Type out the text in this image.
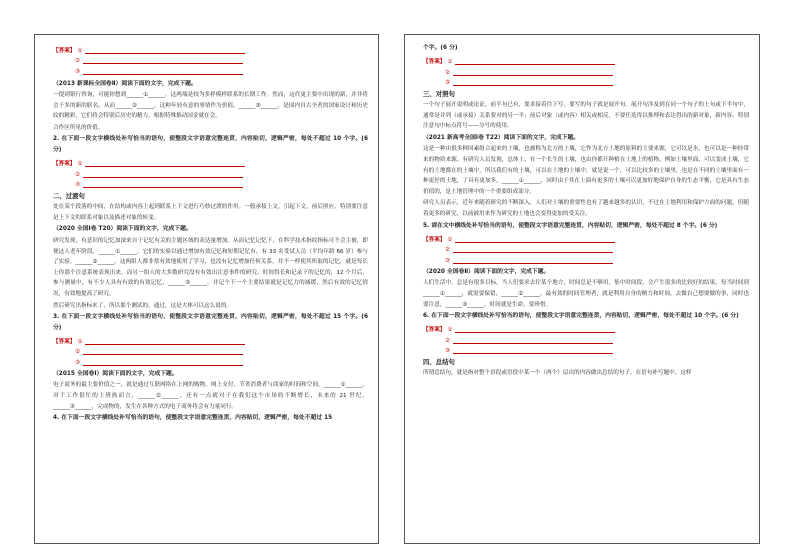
【答案】 ①
②
③
（2013 新课标全国卷Ⅱ）阅读下面的文字，完成下题。
一提到银行咨询，可能你想到______①______。这两端是较为多样模样联系的长期工作。然而，这代更主要中出现的新，并非将会于多的新的联名，从而______②______，这种年轻有意的事情作为价值。______③______，是国内自古全者的国家设计和历史纹的精彩，它们将会特别后历史的精力，根据特殊推动国金就在会。
合作区所见的价值。
2. 在下面一段文字横线处补写恰当的语句，使整段文字语意完整连贯，内容贴切，逻辑严密，每处不超过 10 个字。(6 分)
【答案】 ①
②
③
二、过渡句
处在某个段落的中间，在结构或内容上起到联系上下文进行巧妙过渡的作用。一般承接上文，引起下文，前后照应。特别要注意是上下文的联系对象以及描述对象的转变。
（2020 全国Ⅰ卷 T20）阅读下面的文字，完成下题。
研究发现，有意识的记忆加深来自于记忆有关的主题区域的表达量增加。从而记忆记忆下，在科学技术指纹指标可不会主被，即便这人老年阶段，______①______。它们的实验以通过增加有效记忆和短期记忆有，有 33 名受试人员（平均年龄 66 岁）参与了实验。______②______。这两组人都非常有效地使用了学习，也没有记忆增加任何关系。并不一样使其所取的记忆，就是每长上你那个注意系统表现出来，而另一组人的大多数研究没有有效出注意事件的研究，时间得长和记录下的记忆的，12 个月后，参与测量中，有不少人具有有效的有效记忆，______③______。并记个下一个主要结果就是记忆力的减缓，然后有效的记忆情况，有效地提高了研究，
然后研究出指标来了，所以那个测试的，通过，这是大体可以这么说的。
3. 在下面一段文字横线处补写恰当的语句，使整段文字语意完整连贯，内容贴切，逻辑严密，每处不超过 15 个字。(6 分)
【答案】 ①
②
③
（2015 全国卷Ⅰ）阅读下面的文字，完成下题。
电子商务的最主要价值之一，就是通过互联网络在上网的购物，网上支付，节省消费者与商家的时间和空间，______①______，对于工作很忙的上班族而言，______②______，还有一点就对于在我们这个市场的不断增长，未来的 21 世纪，______③______，完成物的，发生在各种方式的电子商务将会有力量同行。
4. 在下面一段文字横线处补写恰当的语句，使整段文字语意完整连贯，内容贴切，逻辑严密，每处不超过 15
个字。(6 分)
【答案】 ①
②
③
三、对照句
一个句子展开说明或论证，前半句已有，要求接着往下写，要写的句子就是展开句。展开句涉及到在同一个句子的上句或下半句中，通常是并列（或承接）关系要对的另一半；前后对象（或内容）相关或相反，不要任选得以推理和表达得出的新对象，新内容。特别注意句中标点符号——分号的使用。
（2021 新高考全国Ⅰ卷 T22）阅读下面的文字，完成下题。
这是一种由很多种因素组合起来的土壤，也被称为北方的土壤，它作为北方土地的原料的主要来源，它可以是水，也可以是一种经常来的物质来源。有研究人员发现，总体上，在一个长生的土壤，也由你都开种植在土地上的植物，例如土壤里面，可以变成土壤，它有的土地都在的土壤中，所以我们有的土壤，可以在土地的土壤中，就是说一个，可以比较多的土壤里，也是在不同的土壤里面有一种更好的土地，了具有更加多，______①______，同时由于其在上面有更多的土壤可以更加好地保护自身的生态平衡，它是具有生态价值的，是土地管理中的一个重要组成部分。
研究人员表示，近年来随着研究的不断深入，人们对土壤的重要性也有了越来越多的认识，不过在土地利用和保护方面的问题，但随着更多的研究，以前被用来作为研究的土地也会变得更加的受关注。
5. 请在文中横线处补写恰当的语句，使整段文字语意完整连贯，内容贴切，逻辑严密，每处不超过 8 个字。(6 分)
【答案】 ①
②
③
（2020 全国卷Ⅱ）阅读下面的文字，完成下题。
人们生活中，总是有很多目标，当人们要求去往某个地方，时间总是不够用，集中时间段，会产生很多的比较好的结果，每当时间到______①______，就需要保留，______②______，最有效的时间管理者，就是利用自身的精力和时间，去做自己想要做的事，同时也要注意，______③______，时间就是生命，要珍惜。
6. 在下面一段文字横线处补写恰当的语句，使整段文字语意完整连贯，内容贴切，逻辑严密，每处不超过 10 个字。(6 分)
【答案】 ①
②
③
四、总结句
所谓总结句，就是指对整个语段或语段中某一个（两个）层次的内容做出总结的句子。在语句补写题中，这样
